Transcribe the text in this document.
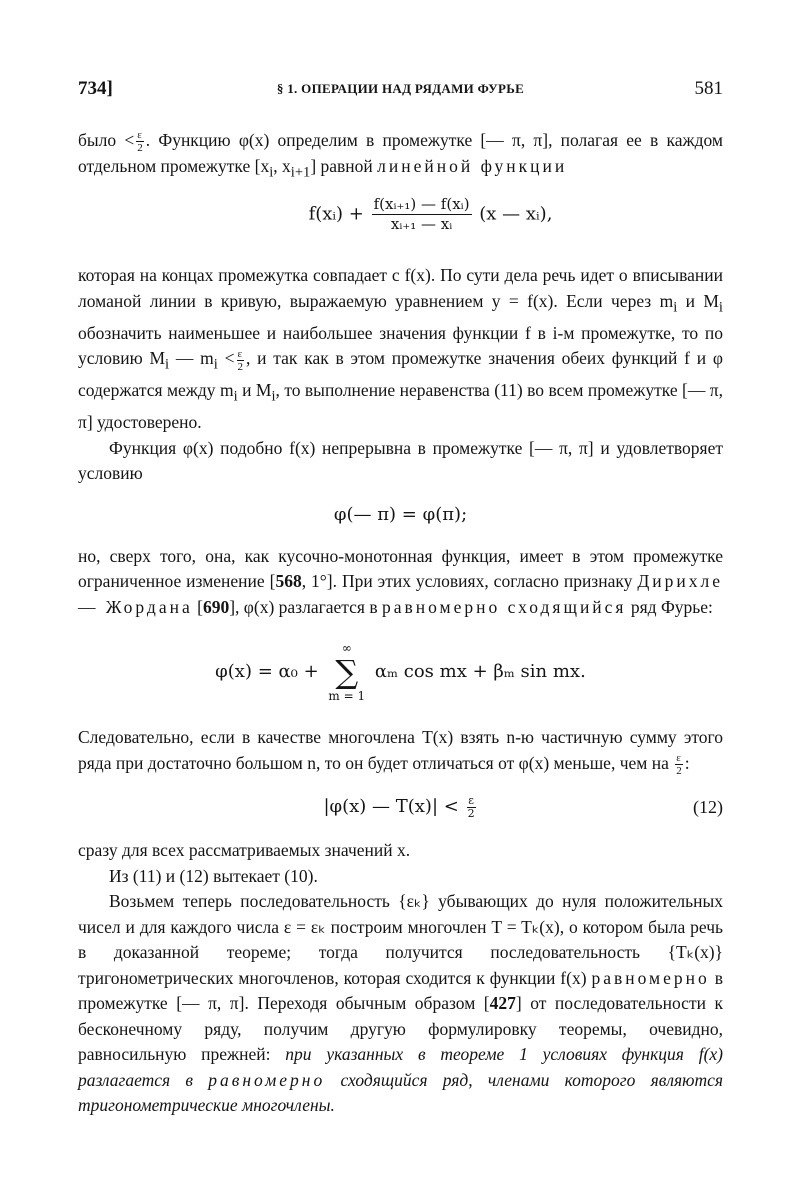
734]	§ 1. ОПЕРАЦИИ НАД РЯДАМИ ФУРЬЕ	581

было < $\frac{\varepsilon}{2}$ . Функцию φ(x) определим в промежутке [— π, π], полагая ее в каждом отдельном промежутке [$x_i$, $x_{i+1}$] равной линейной функции

f(xᵢ) + $\frac{\text{f(xᵢ₊₁) — f(xᵢ)}}{\text{xᵢ₊₁ — xᵢ}} (x$ — xᵢ),

которая на концах промежутка совпадает с f(x). По сути дела речь идет о вписывании ломаной линии в кривую, выражаемую уравнением y = f(x). Если через $m_i$ и $M_i$ обозначить наименьшее и наибольшее значения функции f в i-м промежутке, то по условию $M_i$ — $m_i < \frac{\varepsilon}{2}$ , и так как в этом промежутке значения обеих функций f и φ содержатся между $m_i$ и $M_i$, то выполнение неравенства (11) во всем промежутке [— π, π] удостоверено.

Функция φ(x) подобно f(x) непрерывна в промежутке [— π, π] и удовлетворяет условию

φ(— π) = φ(π);

но, сверх того, она, как кусочно-монотонная функция, имеет в этом промежутке ограниченное изменение [568, 1°]. При этих условиях, согласно признаку Дирихле — Жордана [690], φ(x) разлагается в равномерно сходящийся ряд Фурье:

φ(x) = α₀ +
∞
∑
m = 1
αₘ cos mx + βₘ sin mx.

Следовательно, если в качестве многочлена T(x) взять n-ю частичную сумму этого ряда при достаточно большом n, то он будет отличаться от φ(x) меньше, чем на $\frac{\varepsilon}{2}$ :

|φ(x) — $T(x)| < \frac{\varepsilon}{2}$	(12)

сразу для всех рассматриваемых значений x.

Из (11) и (12) вытекает (10).

Возьмем теперь последовательность {εₖ} убывающих до нуля положительных чисел и для каждого числа ε = εₖ построим многочлен T = Tₖ(x), о котором была речь в доказанной теореме; тогда получится последовательность {Tₖ(x)} тригонометрических многочленов, которая сходится к функции f(x) равномерно в промежутке [— π, π]. Переходя обычным образом [427] от последовательности к бесконечному ряду, получим другую формулировку теоремы, очевидно, равносильную прежней: при указанных в теореме 1 условиях функция f(x) разлагается в равномерно сходящийся ряд, членами которого являются тригонометрические многочлены.
